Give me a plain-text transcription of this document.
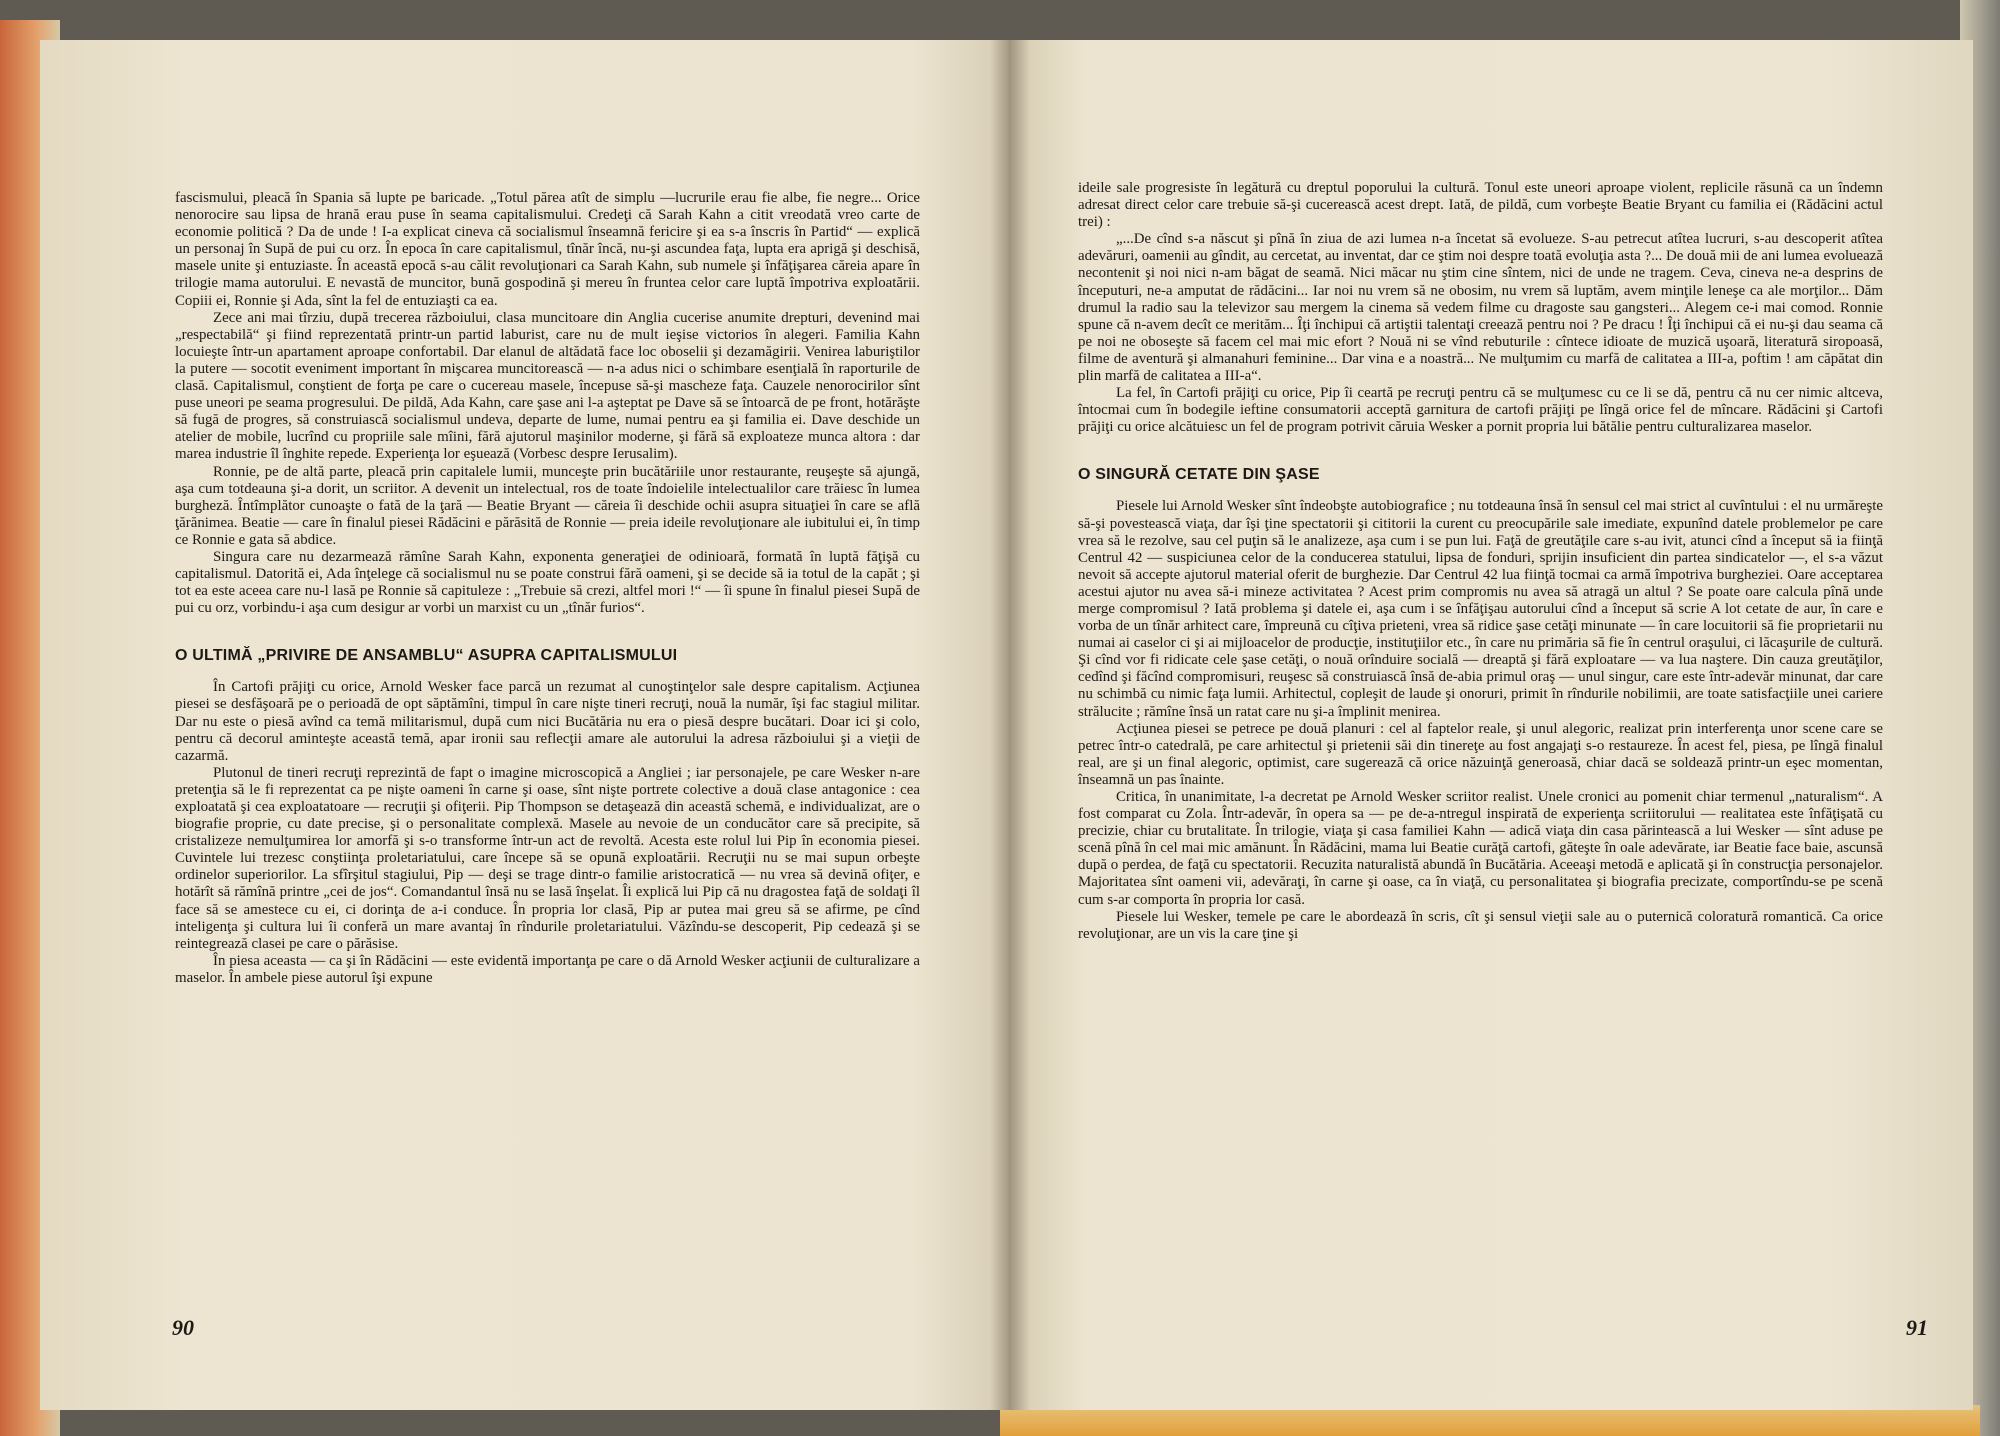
fascismului, pleacă în Spania să lupte pe baricade. „Totul părea atît de simplu —lucrurile erau fie albe, fie negre... Orice nenorocire sau lipsa de hrană erau puse în seama capitalismului. Credeţi că Sarah Kahn a citit vreodată vreo carte de economie politică ? Da de unde ! I-a explicat cineva că socialismul înseamnă fericire şi ea s-a înscris în Partid“ — explică un personaj în Supă de pui cu orz. În epoca în care capitalismul, tînăr încă, nu-şi ascundea faţa, lupta era aprigă şi deschisă, masele unite şi entuziaste. În această epocă s-au călit revoluţionari ca Sarah Kahn, sub numele şi înfăţişarea căreia apare în trilogie mama autorului. E nevastă de muncitor, bună gospodină şi mereu în fruntea celor care luptă împotriva exploatării. Copiii ei, Ronnie şi Ada, sînt la fel de entuziaşti ca ea.

Zece ani mai tîrziu, după trecerea războiului, clasa muncitoare din Anglia cucerise anumite drepturi, devenind mai „respectabilă“ şi fiind reprezentată printr-un partid laburist, care nu de mult ieşise victorios în alegeri. Familia Kahn locuieşte într-un apartament aproape confortabil. Dar elanul de altădată face loc oboselii şi dezamăgirii. Venirea laburiştilor la putere — socotit eveniment important în mişcarea muncitorească — n-a adus nici o schimbare esenţială în raporturile de clasă. Capitalismul, conştient de forţa pe care o cucereau masele, începuse să-şi mascheze faţa. Cauzele nenorocirilor sînt puse uneori pe seama progresului. De pildă, Ada Kahn, care şase ani l-a aşteptat pe Dave să se întoarcă de pe front, hotărăşte să fugă de progres, să construiască socialismul undeva, departe de lume, numai pentru ea şi familia ei. Dave deschide un atelier de mobile, lucrînd cu propriile sale mîini, fără ajutorul maşinilor moderne, şi fără să exploateze munca altora : dar marea industrie îl înghite repede. Experienţa lor eşuează (Vorbesc despre Ierusalim).

Ronnie, pe de altă parte, pleacă prin capitalele lumii, munceşte prin bucătăriile unor restaurante, reuşeşte să ajungă, aşa cum totdeauna şi-a dorit, un scriitor. A devenit un intelectual, ros de toate îndoielile intelectualilor care trăiesc în lumea burgheză. Întîmplător cunoaşte o fată de la ţară — Beatie Bryant — căreia îi deschide ochii asupra situaţiei în care se află ţărănimea. Beatie — care în finalul piesei Rădăcini e părăsită de Ronnie — preia ideile revoluţionare ale iubitului ei, în timp ce Ronnie e gata să abdice.

Singura care nu dezarmează rămîne Sarah Kahn, exponenta generaţiei de odinioară, formată în luptă făţişă cu capitalismul. Datorită ei, Ada înţelege că socialismul nu se poate construi fără oameni, şi se decide să ia totul de la capăt ; şi tot ea este aceea care nu-l lasă pe Ronnie să capituleze : „Trebuie să crezi, altfel mori !“ — îi spune în finalul piesei Supă de pui cu orz, vorbindu-i aşa cum desigur ar vorbi un marxist cu un „tînăr furios“.

O ULTIMĂ „PRIVIRE DE ANSAMBLU“ ASUPRA CAPITALISMULUI

În Cartofi prăjiţi cu orice, Arnold Wesker face parcă un rezumat al cunoştinţelor sale despre capitalism. Acţiunea piesei se desfăşoară pe o perioadă de opt săptămîni, timpul în care nişte tineri recruţi, nouă la număr, îşi fac stagiul militar. Dar nu este o piesă avînd ca temă militarismul, după cum nici Bucătăria nu era o piesă despre bucătari. Doar ici şi colo, pentru că decorul aminteşte această temă, apar ironii sau reflecţii amare ale autorului la adresa războiului şi a vieţii de cazarmă.

Plutonul de tineri recruţi reprezintă de fapt o imagine microscopică a Angliei ; iar personajele, pe care Wesker n-are pretenţia să le fi reprezentat ca pe nişte oameni în carne şi oase, sînt nişte portrete colective a două clase antagonice : cea exploatată şi cea exploatatoare — recruţii şi ofiţerii. Pip Thompson se detaşează din această schemă, e individualizat, are o biografie proprie, cu date precise, şi o personalitate complexă. Masele au nevoie de un conducător care să precipite, să cristalizeze nemulţumirea lor amorfă şi s-o transforme într-un act de revoltă. Acesta este rolul lui Pip în economia piesei. Cuvintele lui trezesc conştiinţa proletariatului, care începe să se opună exploatării. Recruţii nu se mai supun orbeşte ordinelor superiorilor. La sfîrşitul stagiului, Pip — deşi se trage dintr-o familie aristocratică — nu vrea să devină ofiţer, e hotărît să rămînă printre „cei de jos“. Comandantul însă nu se lasă înşelat. Îi explică lui Pip că nu dragostea faţă de soldaţi îl face să se amestece cu ei, ci dorinţa de a-i conduce. În propria lor clasă, Pip ar putea mai greu să se afirme, pe cînd inteligenţa şi cultura lui îi conferă un mare avantaj în rîndurile proletariatului. Văzîndu-se descoperit, Pip cedează şi se reintegrează clasei pe care o părăsise.

În piesa aceasta — ca şi în Rădăcini — este evidentă importanţa pe care o dă Arnold Wesker acţiunii de culturalizare a maselor. În ambele piese autorul îşi expune

90

ideile sale progresiste în legătură cu dreptul poporului la cultură. Tonul este uneori aproape violent, replicile răsună ca un îndemn adresat direct celor care trebuie să-şi cucerească acest drept. Iată, de pildă, cum vorbeşte Beatie Bryant cu familia ei (Rădăcini actul trei) :

„...De cînd s-a născut şi pînă în ziua de azi lumea n-a încetat să evolueze. S-au petrecut atîtea lucruri, s-au descoperit atîtea adevăruri, oamenii au gîndit, au cercetat, au inventat, dar ce ştim noi despre toată evoluţia asta ?... De două mii de ani lumea evoluează necontenit şi noi nici n-am băgat de seamă. Nici măcar nu ştim cine sîntem, nici de unde ne tragem. Ceva, cineva ne-a desprins de începuturi, ne-a amputat de rădăcini... Iar noi nu vrem să ne obosim, nu vrem să luptăm, avem minţile leneşe ca ale morţilor... Dăm drumul la radio sau la televizor sau mergem la cinema să vedem filme cu dragoste sau gangsteri... Alegem ce-i mai comod. Ronnie spune că n-avem decît ce merităm... Îţi închipui că artiştii talentaţi creează pentru noi ? Pe dracu ! Îţi închipui că ei nu-şi dau seama că pe noi ne oboseşte să facem cel mai mic efort ? Nouă ni se vînd rebuturile : cîntece idioate de muzică uşoară, literatură siropoasă, filme de aventură şi almanahuri feminine... Dar vina e a noastră... Ne mulţumim cu marfă de calitatea a III-a, poftim ! am căpătat din plin marfă de calitatea a III-a“.

La fel, în Cartofi prăjiţi cu orice, Pip îi ceartă pe recruţi pentru că se mulţumesc cu ce li se dă, pentru că nu cer nimic altceva, întocmai cum în bodegile ieftine consumatorii acceptă garnitura de cartofi prăjiţi pe lîngă orice fel de mîncare. Rădăcini şi Cartofi prăjiţi cu orice alcătuiesc un fel de program potrivit căruia Wesker a pornit propria lui bătălie pentru culturalizarea maselor.

O SINGURĂ CETATE DIN ŞASE

Piesele lui Arnold Wesker sînt îndeobşte autobiografice ; nu totdeauna însă în sensul cel mai strict al cuvîntului : el nu urmăreşte să-şi povestească viaţa, dar îşi ţine spectatorii şi cititorii la curent cu preocupările sale imediate, expunînd datele problemelor pe care vrea să le rezolve, sau cel puţin să le analizeze, aşa cum i se pun lui. Faţă de greutăţile care s-au ivit, atunci cînd a început să ia fiinţă Centrul 42 — suspiciunea celor de la conducerea statului, lipsa de fonduri, sprijin insuficient din partea sindicatelor —, el s-a văzut nevoit să accepte ajutorul material oferit de burghezie. Dar Centrul 42 lua fiinţă tocmai ca armă împotriva burgheziei. Oare acceptarea acestui ajutor nu avea să-i mineze activitatea ? Acest prim compromis nu avea să atragă un altul ? Se poate oare calcula pînă unde merge compromisul ? Iată problema şi datele ei, aşa cum i se înfăţişau autorului cînd a început să scrie A lot cetate de aur, în care e vorba de un tînăr arhitect care, împreună cu cîţiva prieteni, vrea să ridice şase cetăţi minunate — în care locuitorii să fie proprietarii nu numai ai caselor ci şi ai mijloacelor de producţie, instituţiilor etc., în care nu primăria să fie în centrul oraşului, ci lăcaşurile de cultură. Şi cînd vor fi ridicate cele şase cetăţi, o nouă orînduire socială — dreaptă şi fără exploatare — va lua naştere. Din cauza greutăţilor, cedînd şi făcînd compromisuri, reuşesc să construiască însă de-abia primul oraş — unul singur, care este într-adevăr minunat, dar care nu schimbă cu nimic faţa lumii. Arhitectul, copleşit de laude şi onoruri, primit în rîndurile nobilimii, are toate satisfacţiile unei cariere strălucite ; rămîne însă un ratat care nu şi-a împlinit menirea.

Acţiunea piesei se petrece pe două planuri : cel al faptelor reale, şi unul alegoric, realizat prin interferenţa unor scene care se petrec într-o catedrală, pe care arhitectul şi prietenii săi din tinereţe au fost angajaţi s-o restaureze. În acest fel, piesa, pe lîngă finalul real, are şi un final alegoric, optimist, care sugerează că orice năzuinţă generoasă, chiar dacă se soldează printr-un eşec momentan, înseamnă un pas înainte.

Critica, în unanimitate, l-a decretat pe Arnold Wesker scriitor realist. Unele cronici au pomenit chiar termenul „naturalism“. A fost comparat cu Zola. Într-adevăr, în opera sa — pe de-a-ntregul inspirată de experienţa scriitorului — realitatea este înfăţişată cu precizie, chiar cu brutalitate. În trilogie, viaţa şi casa familiei Kahn — adică viaţa din casa părintească a lui Wesker — sînt aduse pe scenă pînă în cel mai mic amănunt. În Rădăcini, mama lui Beatie curăţă cartofi, găteşte în oale adevărate, iar Beatie face baie, ascunsă după o perdea, de faţă cu spectatorii. Recuzita naturalistă abundă în Bucătăria. Aceeaşi metodă e aplicată şi în construcţia personajelor. Majoritatea sînt oameni vii, adevăraţi, în carne şi oase, ca în viaţă, cu personalitatea şi biografia precizate, comportîndu-se pe scenă cum s-ar comporta în propria lor casă.

Piesele lui Wesker, temele pe care le abordează în scris, cît şi sensul vieţii sale au o puternică coloratură romantică. Ca orice revoluţionar, are un vis la care ţine şi

91
